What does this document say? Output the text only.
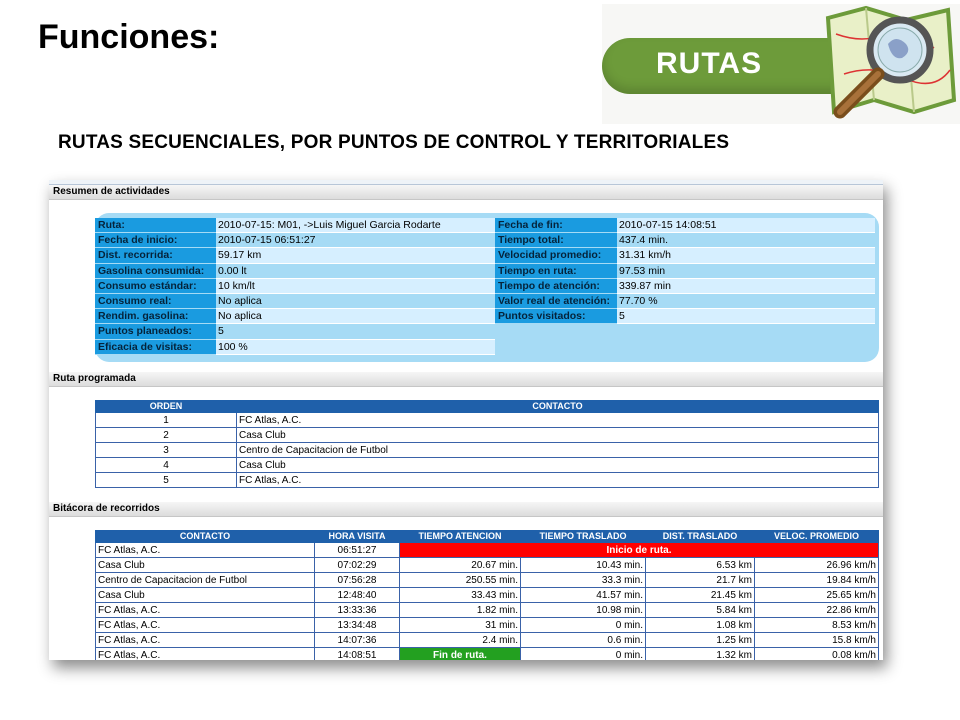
Funciones:
RUTAS
RUTAS SECUENCIALES, POR PUNTOS DE CONTROL Y TERRITORIALES
Resumen de actividades
Ruta:	2010-07-15: M01, ->Luis Miguel Garcia Rodarte
Fecha de inicio:	2010-07-15 06:51:27
Dist. recorrida:	59.17 km
Gasolina consumida:	0.00 lt
Consumo estándar:	10 km/lt
Consumo real:	No aplica
Rendim. gasolina:	No aplica
Puntos planeados:	5
Eficacia de visitas:	100 %
Fecha de fin:	2010-07-15 14:08:51
Tiempo total:	437.4 min.
Velocidad promedio:	31.31 km/h
Tiempo en ruta:	97.53 min
Tiempo de atención:	339.87 min
Valor real de atención: 77.70 %
Puntos visitados:	5
Ruta programada
ORDEN	CONTACTO
1	FC Atlas, A.C.
2	Casa Club
3	Centro de Capacitacion de Futbol
4	Casa Club
5	FC Atlas, A.C.
Bitácora de recorridos
CONTACTO	HORA VISITA	TIEMPO ATENCION	TIEMPO TRASLADO	DIST. TRASLADO	VELOC. PROMEDIO
FC Atlas, A.C.	06:51:27	Inicio de ruta.			
Casa Club	07:02:29	20.67 min.	10.43 min.	6.53 km	26.96 km/h
Centro de Capacitacion de Futbol	07:56:28	250.55 min.	33.3 min.	21.7 km	19.84 km/h
Casa Club	12:48:40	33.43 min.	41.57 min.	21.45 km	25.65 km/h
FC Atlas, A.C.	13:33:36	1.82 min.	10.98 min.	5.84 km	22.86 km/h
FC Atlas, A.C.	13:34:48	31 min.	0 min.	1.08 km	8.53 km/h
FC Atlas, A.C.	14:07:36	2.4 min.	0.6 min.	1.25 km	15.8 km/h
FC Atlas, A.C.	14:08:51	Fin de ruta.	0 min.	1.32 km	0.08 km/h
